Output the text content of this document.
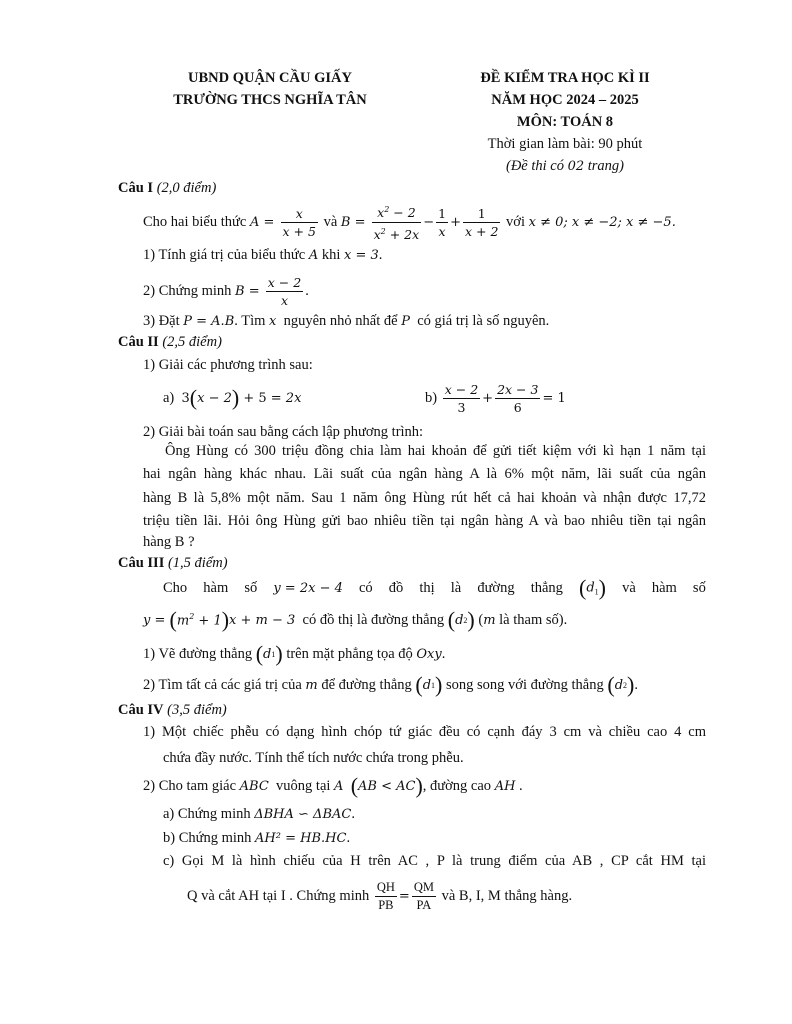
UBND QUẬN CẦU GIẤY
TRƯỜNG THCS NGHĨA TÂN
ĐỀ KIỂM TRA HỌC KÌ II
NĂM HỌC 2024 – 2025
MÔN: TOÁN 8
Thời gian làm bài: 90 phút
(Đề thi có 02 trang)
Câu I (2,0 điểm)
Cho hai biểu thức
$A = \frac{x}{x + 5}$
và
$B = \frac{x^2 - 2}{x^2 + 2x} - \frac{1}{x} + \frac{1}{x + 2}$
với
x ≠ 0; x ≠ −2; x ≠ −5.
1) Tính giá trị của biểu thức A khi x = 3.
2) Chứng minh
$B = \frac{x - 2}{x}$ .
3) Đặt P = A.B. Tìm x nguyên nhỏ nhất để P có giá trị là số nguyên.
Câu II (2,5 điểm)
1) Giải các phương trình sau:
a)
3 ( x − 2 ) + 5 = 2x	b)
$\frac{x - 2}{3} + \frac{2x - 3}{6} = 1$
2) Giải bài toán sau bằng cách lập phương trình:
Ông Hùng có 300 triệu đồng chia làm hai khoản để gửi tiết kiệm với kì hạn 1 năm tại
hai ngân hàng khác nhau. Lãi suất của ngân hàng A là 6% một năm, lãi suất của ngân
hàng B là 5,8% một năm. Sau 1 năm ông Hùng rút hết cả hai khoản và nhận được 17,72
triệu tiền lãi. Hỏi ông Hùng gửi bao nhiêu tiền tại ngân hàng A và bao nhiêu tiền tại ngân
hàng B ?
Câu III (1,5 điểm)
Cho hàm số y = 2x − 4 có đồ thị là đường thẳng $(d_1)$ và hàm số
y = ( $m^2 + 1$ ) x + m − 3
có đồ thị là đường thẳng
( d 2 ) ( m
là tham số).
1) Vẽ đường thẳng
( d 1 )
trên mặt phẳng tọa độ
Oxy .
2) Tìm tất cả các giá trị của
m
để đường thẳng
( d 1 )
song song với đường thẳng
( d 2 ) .
Câu IV (3,5 điểm)
1) Một chiếc phễu có dạng hình chóp tứ giác đều có cạnh đáy 3 cm và chiều cao 4 cm
chứa đầy nước. Tính thể tích nước chứa trong phễu.
2) Cho tam giác
ABC
vuông tại
A
( AB < AC ) , đường cao
AH .
a) Chứng minh ΔBHA ∽ ΔBAC.
b) Chứng minh AH² = HB.HC.
c) Gọi M là hình chiếu của H trên AC , P là trung điểm của AB , CP cắt HM tại
Q và cắt AH tại I . Chứng minh
$\frac{QH}{PB} = \frac{QM}{PA}$
và B, I, M thẳng hàng.
